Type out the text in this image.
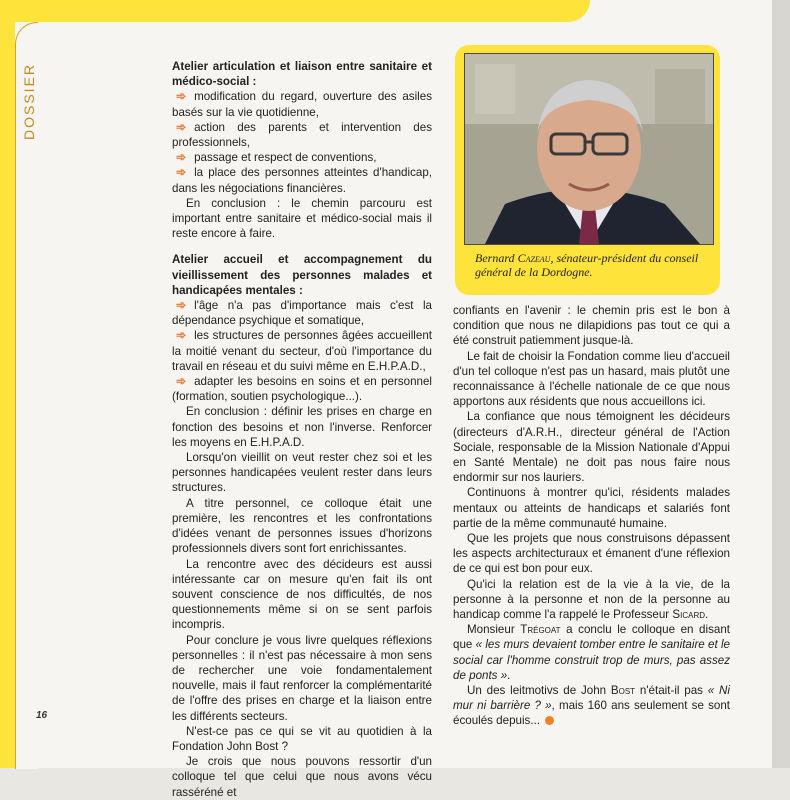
Atelier articulation et liaison entre sanitaire et médico-social :

➾ modification du regard, ouverture des asiles basés sur la vie quotidienne,

➾ action des parents et intervention des professionnels,

➾ passage et respect de conventions,

➾ la place des personnes atteintes d'handicap, dans les négociations financières.

En conclusion : le chemin parcouru est important entre sanitaire et médico-social mais il reste encore à faire.

Atelier accueil et accompagnement du vieillissement des personnes malades et handicapées mentales :

➾ l'âge n'a pas d'importance mais c'est la dépendance psychique et somatique,

➾ les structures de personnes âgées accueillent la moitié venant du secteur, d'où l'importance du travail en réseau et du suivi même en E.H.P.A.D.,

➾ adapter les besoins en soins et en personnel (formation, soutien psychologique...).

En conclusion : définir les prises en charge en fonction des besoins et non l'inverse. Renforcer les moyens en E.H.P.A.D.

Lorsqu'on vieillit on veut rester chez soi et les personnes handicapées veulent rester dans leurs structures.

A titre personnel, ce colloque était une première, les rencontres et les confrontations d'idées venant de personnes issues d'horizons professionnels divers sont fort enrichissantes.

La rencontre avec des décideurs est aussi intéressante car on mesure qu'en fait ils ont souvent conscience de nos difficultés, de nos questionnements même si on se sent parfois incompris.

Pour conclure je vous livre quelques réflexions personnelles : il n'est pas nécessaire à mon sens de rechercher une voie fondamentalement nouvelle, mais il faut renforcer la complémentarité de l'offre des prises en charge et la liaison entre les différents secteurs.

N'est-ce pas ce qui se vit au quotidien à la Fondation John Bost ?

Je crois que nous pouvons ressortir d'un colloque tel que celui que nous avons vécu rasséréné et

Bernard Cazeau, sénateur-président du conseil général de la Dordogne.

confiants en l'avenir : le chemin pris est le bon à condition que nous ne dilapidions pas tout ce qui a été construit patiemment jusque-là.

Le fait de choisir la Fondation comme lieu d'accueil d'un tel colloque n'est pas un hasard, mais plutôt une reconnaissance à l'échelle nationale de ce que nous apportons aux résidents que nous accueillons ici.

La confiance que nous témoignent les décideurs (directeurs d'A.R.H., directeur général de l'Action Sociale, responsable de la Mission Nationale d'Appui en Santé Mentale) ne doit pas nous faire nous endormir sur nos lauriers.

Continuons à montrer qu'ici, résidents malades mentaux ou atteints de handicaps et salariés font partie de la même communauté humaine.

Que les projets que nous construisons dépassent les aspects architecturaux et émanent d'une réflexion de ce qui est bon pour eux.

Qu'ici la relation est de la vie à la vie, de la personne à la personne et non de la personne au handicap comme l'a rappelé le Professeur Sicard.

Monsieur Trégoat a conclu le colloque en disant que « les murs devaient tomber entre le sanitaire et le social car l'homme construit trop de murs, pas assez de ponts ».

Un des leitmotivs de John Bost n'était-il pas « Ni mur ni barrière ? », mais 160 ans seulement se sont écoulés depuis...

16
